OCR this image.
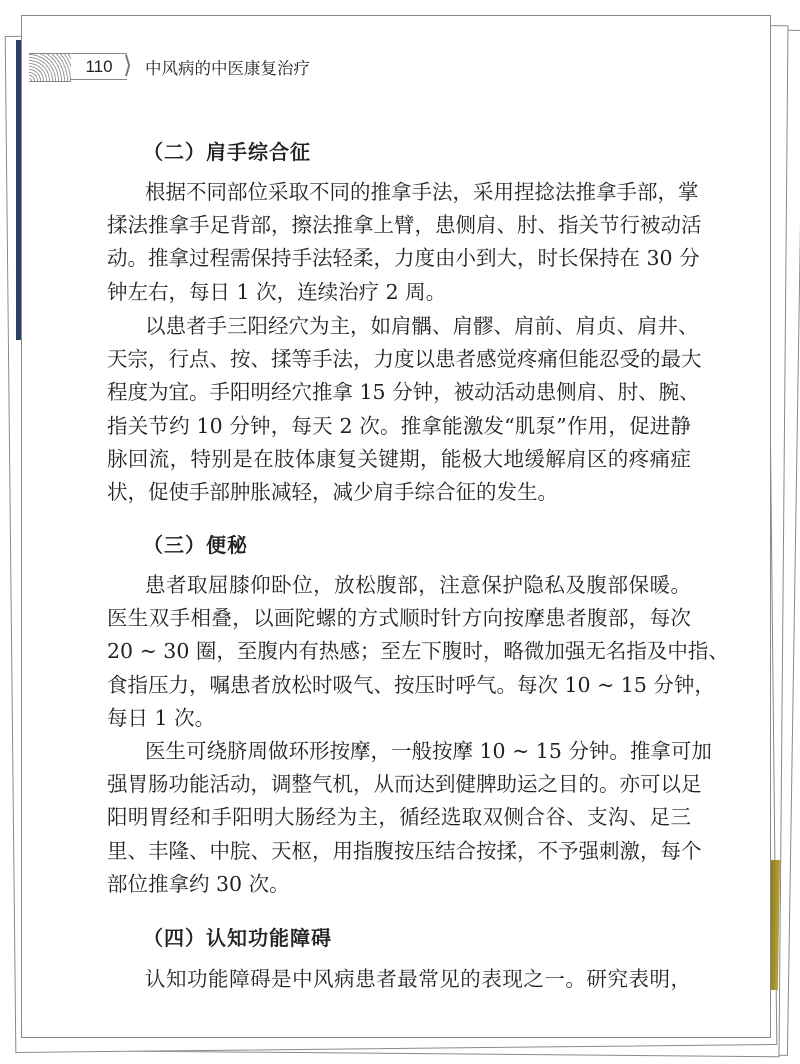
110 ⟩ 中风病的中医康复治疗
（二）肩手综合征
根据不同部位采取不同的推拿手法，采用捏捻法推拿手部，掌
揉法推拿手足背部，擦法推拿上臂，患侧肩、肘、指关节行被动活
动。推拿过程需保持手法轻柔，力度由小到大，时长保持在 30 分
钟左右，每日 1 次，连续治疗 2 周。
以患者手三阳经穴为主，如肩髃、肩髎、肩前、肩贞、肩井、
天宗，行点、按、揉等手法，力度以患者感觉疼痛但能忍受的最大
程度为宜。手阳明经穴推拿 15 分钟，被动活动患侧肩、肘、腕、
指关节约 10 分钟，每天 2 次。推拿能激发“肌泵”作用，促进静
脉回流，特别是在肢体康复关键期，能极大地缓解肩区的疼痛症
状，促使手部肿胀减轻，减少肩手综合征的发生。
（三）便秘
患者取屈膝仰卧位，放松腹部，注意保护隐私及腹部保暖。
医生双手相叠，以画陀螺的方式顺时针方向按摩患者腹部，每次
20 ~ 30 圈，至腹内有热感；至左下腹时，略微加强无名指及中指、
食指压力，嘱患者放松时吸气、按压时呼气。每次 10 ~ 15 分钟，
每日 1 次。
医生可绕脐周做环形按摩，一般按摩 10 ~ 15 分钟。推拿可加
强胃肠功能活动，调整气机，从而达到健脾助运之目的。亦可以足
阳明胃经和手阳明大肠经为主，循经选取双侧合谷、支沟、足三
里、丰隆、中脘、天枢，用指腹按压结合按揉，不予强刺激，每个
部位推拿约 30 次。
（四）认知功能障碍
认知功能障碍是中风病患者最常见的表现之一。研究表明，
